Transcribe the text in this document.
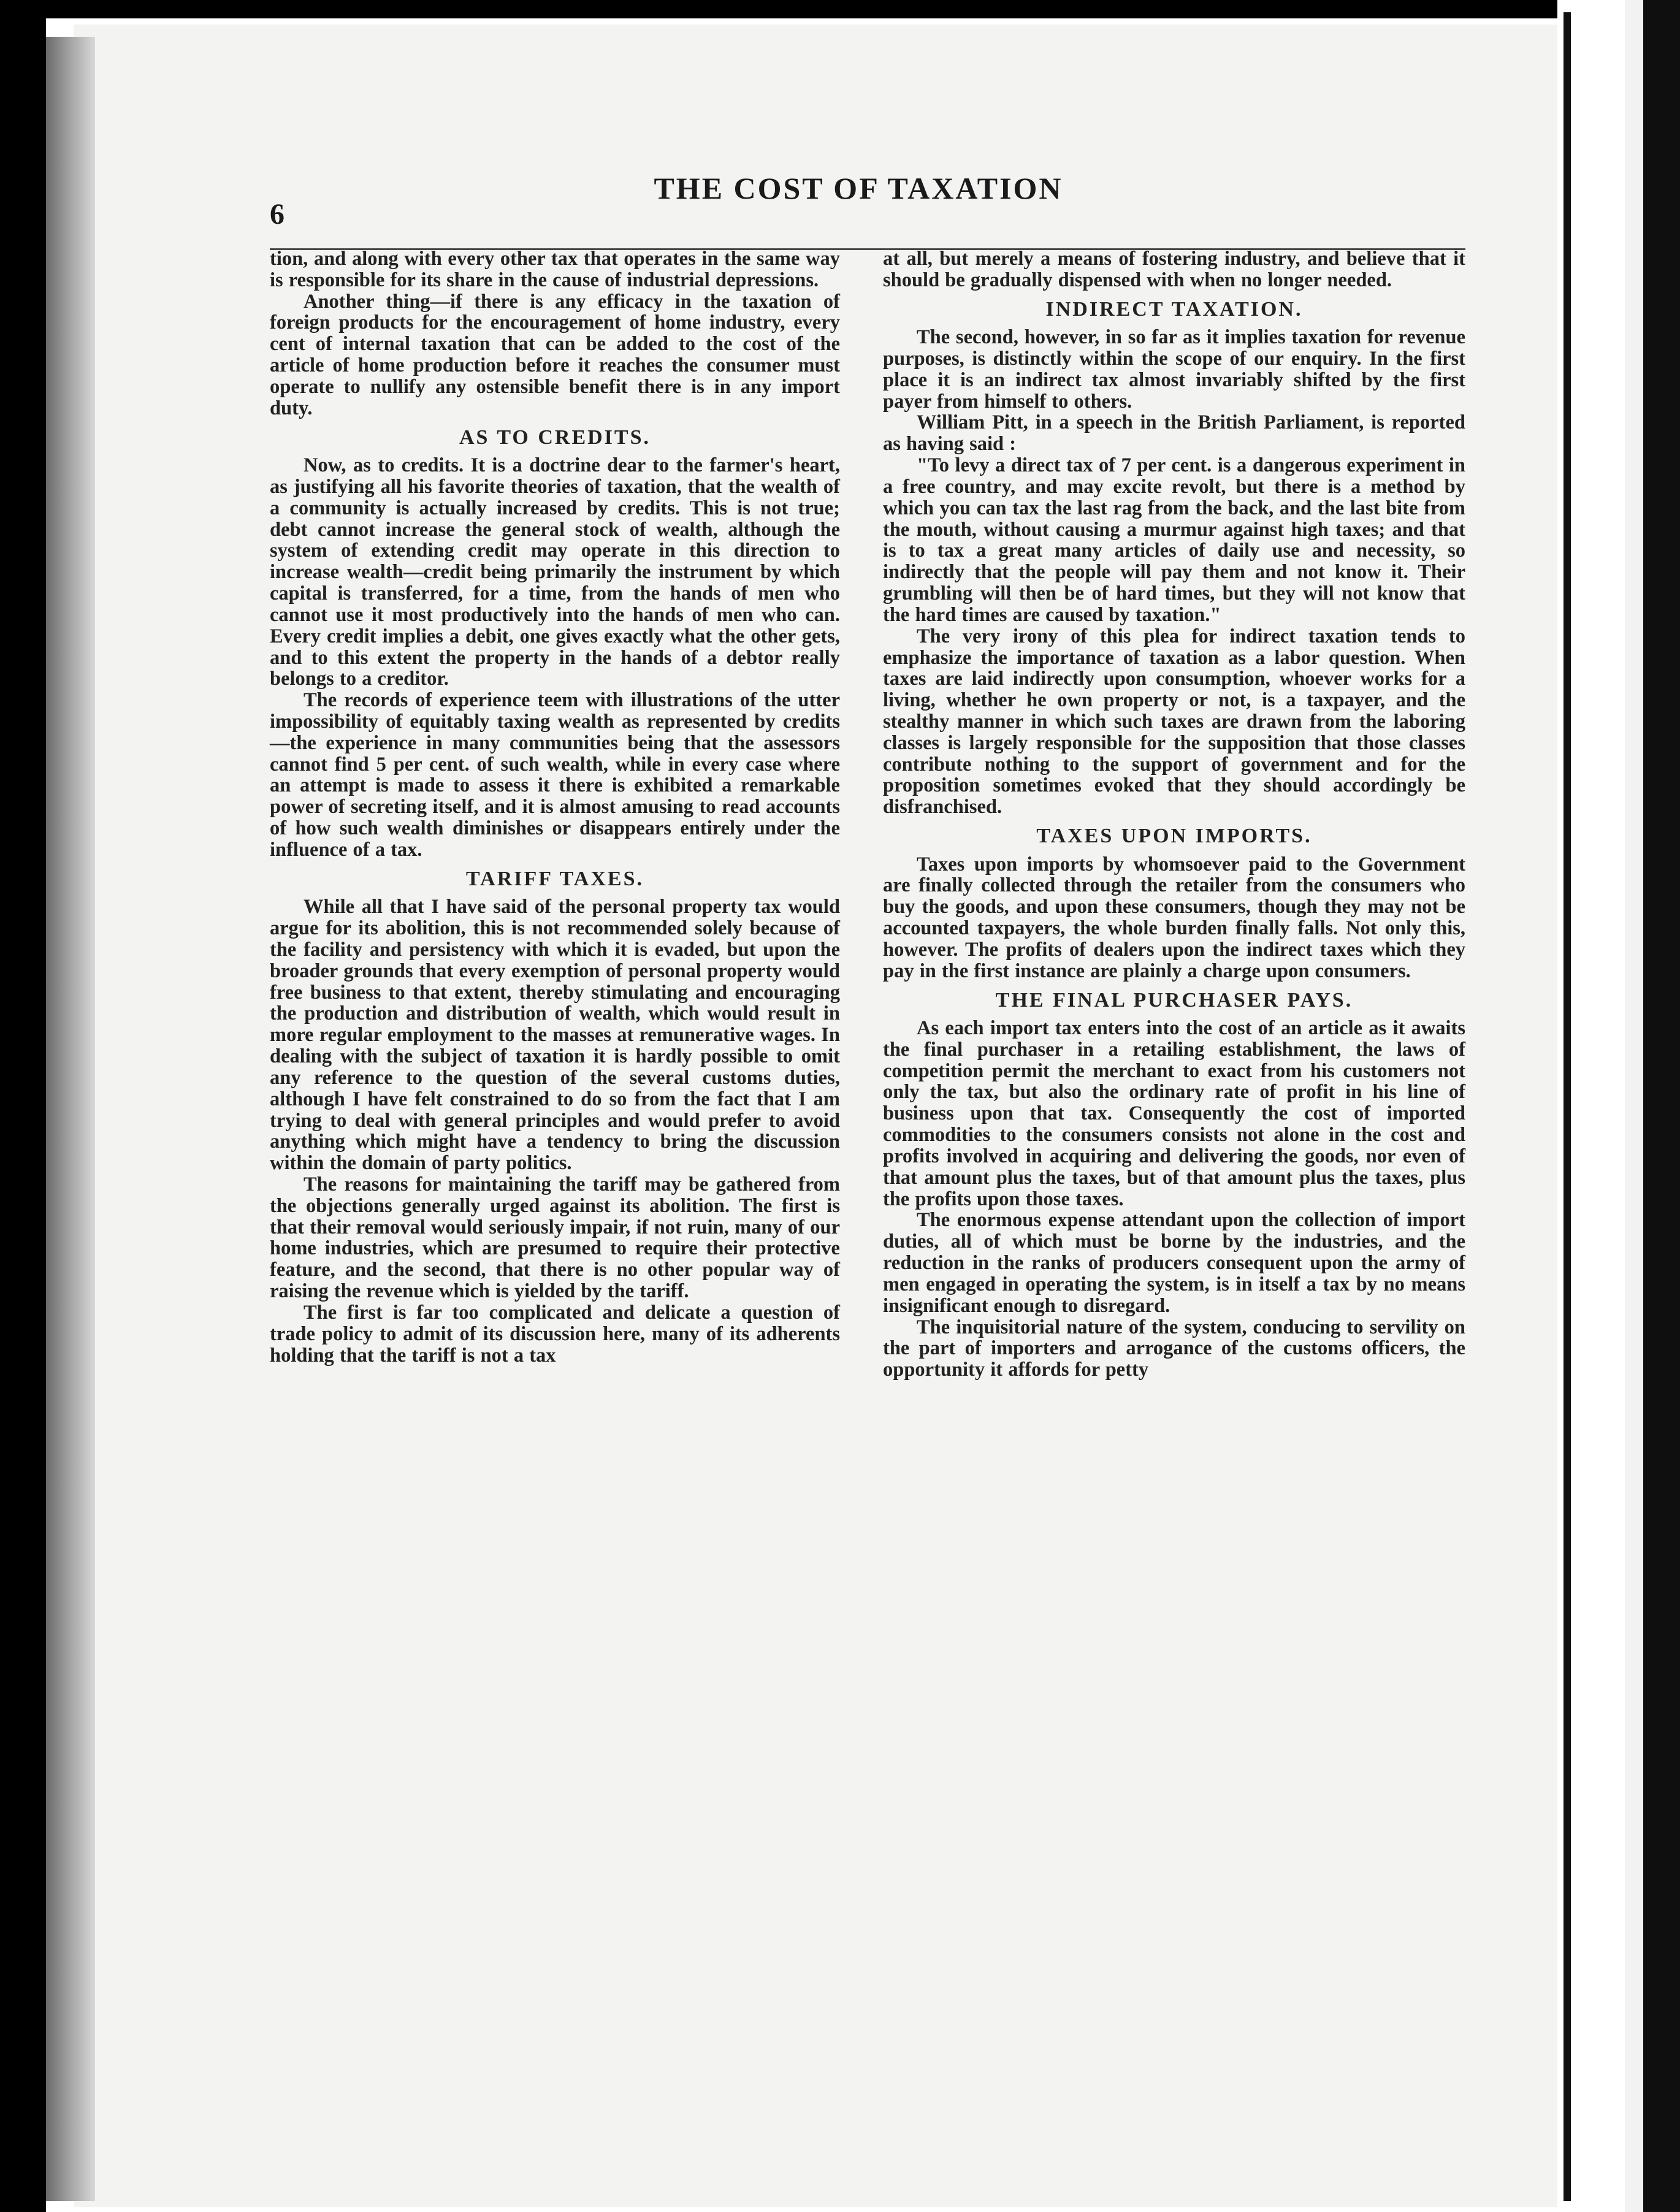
6
THE COST OF TAXATION

tion, and along with every other tax that operates in the same way is responsible for its share in the cause of industrial depressions.

Another thing—if there is any efficacy in the taxation of foreign products for the encouragement of home industry, every cent of internal taxation that can be added to the cost of the article of home production before it reaches the consumer must operate to nullify any ostensible benefit there is in any import duty.

AS TO CREDITS.

Now, as to credits. It is a doctrine dear to the farmer's heart, as justifying all his favorite theories of taxation, that the wealth of a community is actually increased by credits. This is not true; debt cannot increase the general stock of wealth, although the system of extending credit may operate in this direction to increase wealth—credit being primarily the instrument by which capital is transferred, for a time, from the hands of men who cannot use it most productively into the hands of men who can. Every credit implies a debit, one gives exactly what the other gets, and to this extent the property in the hands of a debtor really belongs to a creditor.

The records of experience teem with illustrations of the utter impossibility of equitably taxing wealth as represented by credits—the experience in many communities being that the assessors cannot find 5 per cent. of such wealth, while in every case where an attempt is made to assess it there is exhibited a remarkable power of secreting itself, and it is almost amusing to read accounts of how such wealth diminishes or disappears entirely under the influence of a tax.

TARIFF TAXES.

While all that I have said of the personal property tax would argue for its abolition, this is not recommended solely because of the facility and persistency with which it is evaded, but upon the broader grounds that every exemption of personal property would free business to that extent, thereby stimulating and encouraging the production and distribution of wealth, which would result in more regular employment to the masses at remunerative wages. In dealing with the subject of taxation it is hardly possible to omit any reference to the question of the several customs duties, although I have felt constrained to do so from the fact that I am trying to deal with general principles and would prefer to avoid anything which might have a tendency to bring the discussion within the domain of party politics.

The reasons for maintaining the tariff may be gathered from the objections generally urged against its abolition. The first is that their removal would seriously impair, if not ruin, many of our home industries, which are presumed to require their protective feature, and the second, that there is no other popular way of raising the revenue which is yielded by the tariff.

The first is far too complicated and delicate a question of trade policy to admit of its discussion here, many of its adherents holding that the tariff is not a tax

at all, but merely a means of fostering industry, and believe that it should be gradually dispensed with when no longer needed.

INDIRECT TAXATION.

The second, however, in so far as it implies taxation for revenue purposes, is distinctly within the scope of our enquiry. In the first place it is an indirect tax almost invariably shifted by the first payer from himself to others.

William Pitt, in a speech in the British Parliament, is reported as having said :

"To levy a direct tax of 7 per cent. is a dangerous experiment in a free country, and may excite revolt, but there is a method by which you can tax the last rag from the back, and the last bite from the mouth, without causing a murmur against high taxes; and that is to tax a great many articles of daily use and necessity, so indirectly that the people will pay them and not know it. Their grumbling will then be of hard times, but they will not know that the hard times are caused by taxation."

The very irony of this plea for indirect taxation tends to emphasize the importance of taxation as a labor question. When taxes are laid indirectly upon consumption, whoever works for a living, whether he own property or not, is a taxpayer, and the stealthy manner in which such taxes are drawn from the laboring classes is largely responsible for the supposition that those classes contribute nothing to the support of government and for the proposition sometimes evoked that they should accordingly be disfranchised.

TAXES UPON IMPORTS.

Taxes upon imports by whomsoever paid to the Government are finally collected through the retailer from the consumers who buy the goods, and upon these consumers, though they may not be accounted taxpayers, the whole burden finally falls. Not only this, however. The profits of dealers upon the indirect taxes which they pay in the first instance are plainly a charge upon consumers.

THE FINAL PURCHASER PAYS.

As each import tax enters into the cost of an article as it awaits the final purchaser in a retailing establishment, the laws of competition permit the merchant to exact from his customers not only the tax, but also the ordinary rate of profit in his line of business upon that tax. Consequently the cost of imported commodities to the consumers consists not alone in the cost and profits involved in acquiring and delivering the goods, nor even of that amount plus the taxes, but of that amount plus the taxes, plus the profits upon those taxes.

The enormous expense attendant upon the collection of import duties, all of which must be borne by the industries, and the reduction in the ranks of producers consequent upon the army of men engaged in operating the system, is in itself a tax by no means insignificant enough to disregard.

The inquisitorial nature of the system, conducing to servility on the part of importers and arrogance of the customs officers, the opportunity it affords for petty
